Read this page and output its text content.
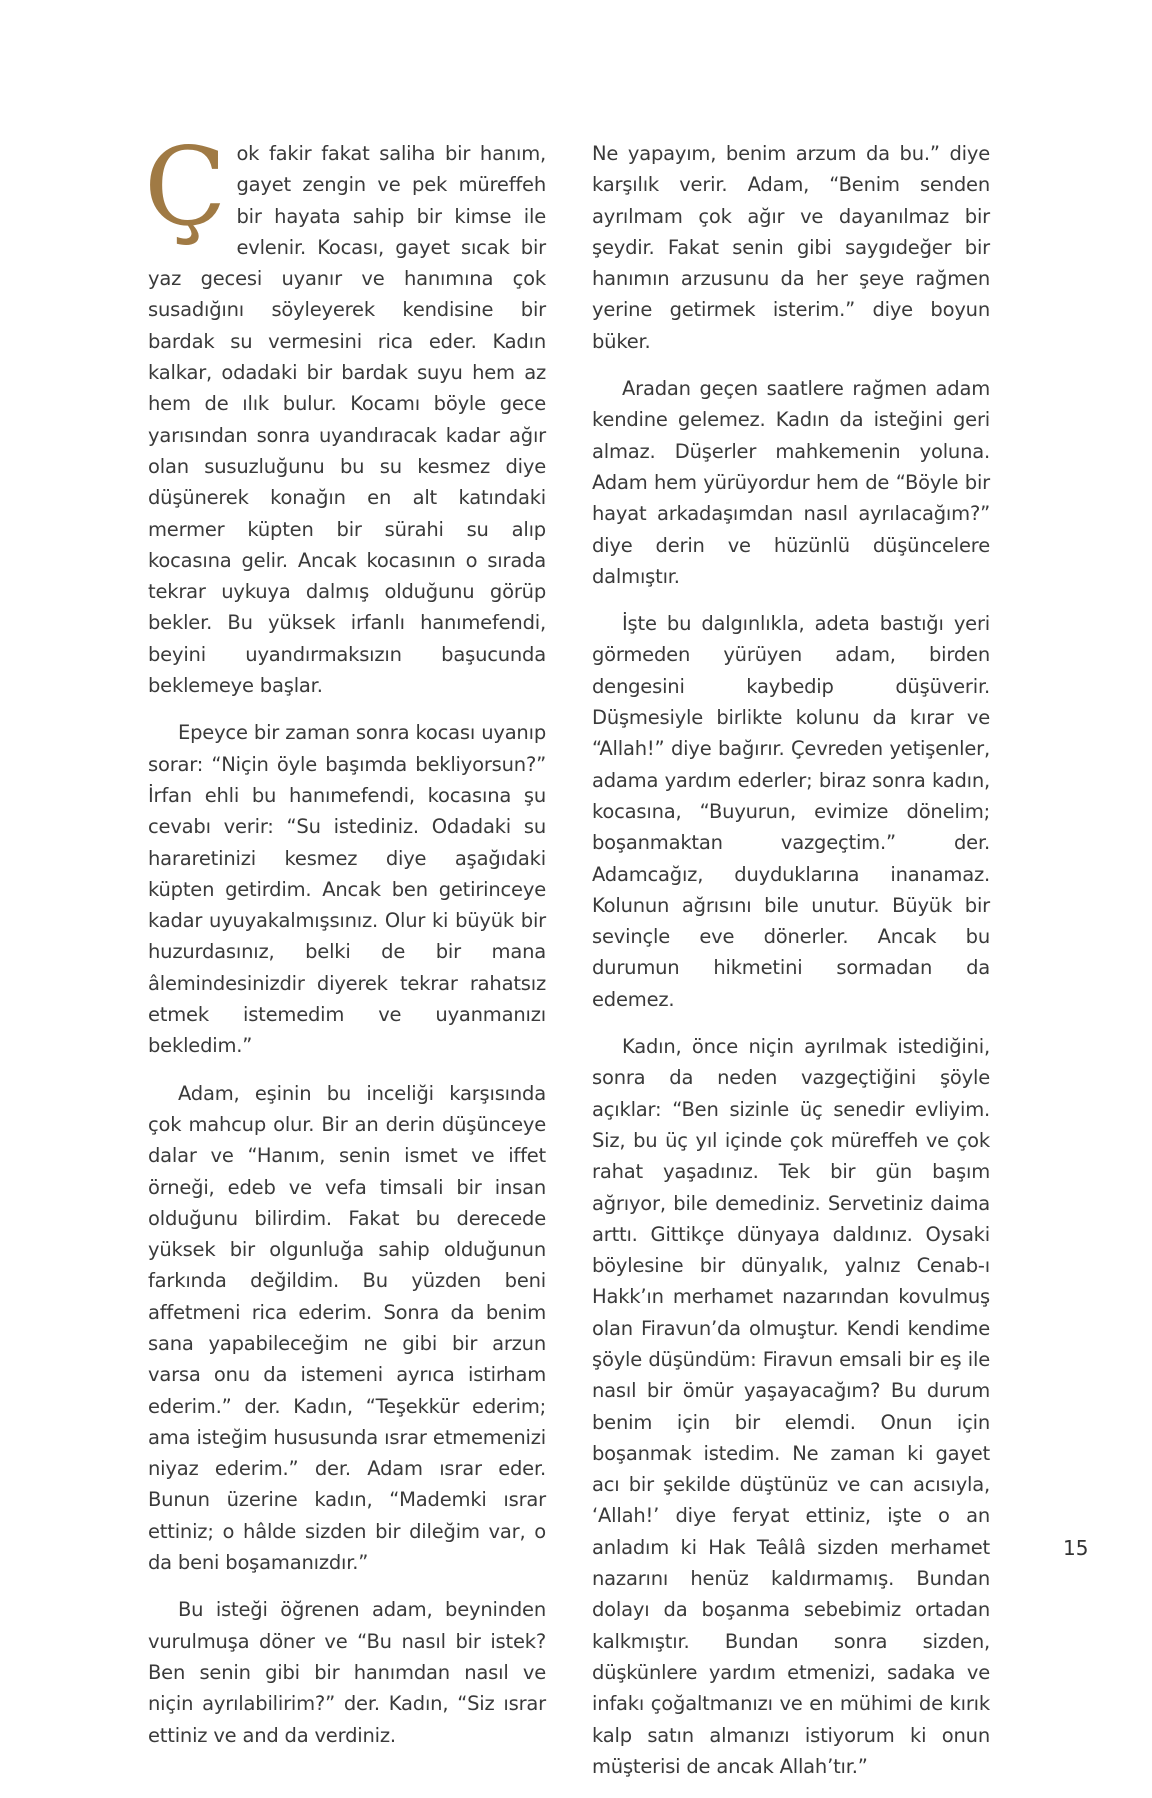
Çok fakir fakat saliha bir hanım, gayet zengin ve pek müreffeh bir hayata sahip bir kimse ile evlenir. Kocası, gayet sıcak bir yaz gecesi uyanır ve hanımına çok susadığını söyleyerek kendisine bir bardak su vermesini rica eder. Kadın kalkar, odadaki bir bardak suyu hem az hem de ılık bulur. Kocamı böyle gece yarısından sonra uyandıracak kadar ağır olan susuzluğunu bu su kesmez diye düşünerek konağın en alt katındaki mermer küpten bir sürahi su alıp kocasına gelir. Ancak kocasının o sırada tekrar uykuya dalmış olduğunu görüp bekler. Bu yüksek irfanlı hanımefendi, beyini uyandırmaksızın başucunda beklemeye başlar.

Epeyce bir zaman sonra kocası uyanıp sorar: “Niçin öyle başımda bekliyorsun?” İrfan ehli bu hanımefendi, kocasına şu cevabı verir: “Su istediniz. Odadaki su hararetinizi kesmez diye aşağıdaki küpten getirdim. Ancak ben getirinceye kadar uyuyakalmışsınız. Olur ki büyük bir huzurdasınız, belki de bir mana âlemindesinizdir diyerek tekrar rahatsız etmek istemedim ve uyanmanızı bekledim.”

Adam, eşinin bu inceliği karşısında çok mahcup olur. Bir an derin düşünceye dalar ve “Hanım, senin ismet ve iffet örneği, edeb ve vefa timsali bir insan olduğunu bilirdim. Fakat bu derecede yüksek bir olgunluğa sahip olduğunun farkında değildim. Bu yüzden beni affetmeni rica ederim. Sonra da benim sana yapabileceğim ne gibi bir arzun varsa onu da istemeni ayrıca istirham ederim.” der. Kadın, “Teşekkür ederim; ama isteğim hususunda ısrar etmemenizi niyaz ederim.” der. Adam ısrar eder. Bunun üzerine kadın, “Mademki ısrar ettiniz; o hâlde sizden bir dileğim var, o da beni boşamanızdır.”

Bu isteği öğrenen adam, beyninden vurulmuşa döner ve “Bu nasıl bir istek? Ben senin gibi bir hanımdan nasıl ve niçin ayrılabilirim?” der. Kadın, “Siz ısrar ettiniz ve and da verdiniz.

Ne yapayım, benim arzum da bu.” diye karşılık verir. Adam, “Benim senden ayrılmam çok ağır ve dayanılmaz bir şeydir. Fakat senin gibi saygıdeğer bir hanımın arzusunu da her şeye rağmen yerine getirmek isterim.” diye boyun büker.

Aradan geçen saatlere rağmen adam kendine gelemez. Kadın da isteğini geri almaz. Düşerler mahkemenin yoluna. Adam hem yürüyordur hem de “Böyle bir hayat arkadaşımdan nasıl ayrılacağım?” diye derin ve hüzünlü düşüncelere dalmıştır.

İşte bu dalgınlıkla, adeta bastığı yeri görmeden yürüyen adam, birden dengesini kaybedip düşüverir. Düşmesiyle birlikte kolunu da kırar ve “Allah!” diye bağırır. Çevreden yetişenler, adama yardım ederler; biraz sonra kadın, kocasına, “Buyurun, evimize dönelim; boşanmaktan vazgeçtim.” der. Adamcağız, duyduklarına inanamaz. Kolunun ağrısını bile unutur. Büyük bir sevinçle eve dönerler. Ancak bu durumun hikmetini sormadan da edemez.

Kadın, önce niçin ayrılmak istediğini, sonra da neden vazgeçtiğini şöyle açıklar: “Ben sizinle üç senedir evliyim. Siz, bu üç yıl içinde çok müreffeh ve çok rahat yaşadınız. Tek bir gün başım ağrıyor, bile demediniz. Servetiniz daima arttı. Gittikçe dünyaya daldınız. Oysaki böylesine bir dünyalık, yalnız Cenab-ı Hakk’ın merhamet nazarından kovulmuş olan Firavun’da olmuştur. Kendi kendime şöyle düşündüm: Firavun emsali bir eş ile nasıl bir ömür yaşayacağım? Bu durum benim için bir elemdi. Onun için boşanmak istedim. Ne zaman ki gayet acı bir şekilde düştünüz ve can acısıyla, ‘Allah!’ diye feryat ettiniz, işte o an anladım ki Hak Teâlâ sizden merhamet nazarını henüz kaldırmamış. Bundan dolayı da boşanma sebebimiz ortadan kalkmıştır. Bundan sonra sizden, düşkünlere yardım etmenizi, sadaka ve infakı çoğaltmanızı ve en mühimi de kırık kalp satın almanızı istiyorum ki onun müşterisi de ancak Allah’tır.”

15
